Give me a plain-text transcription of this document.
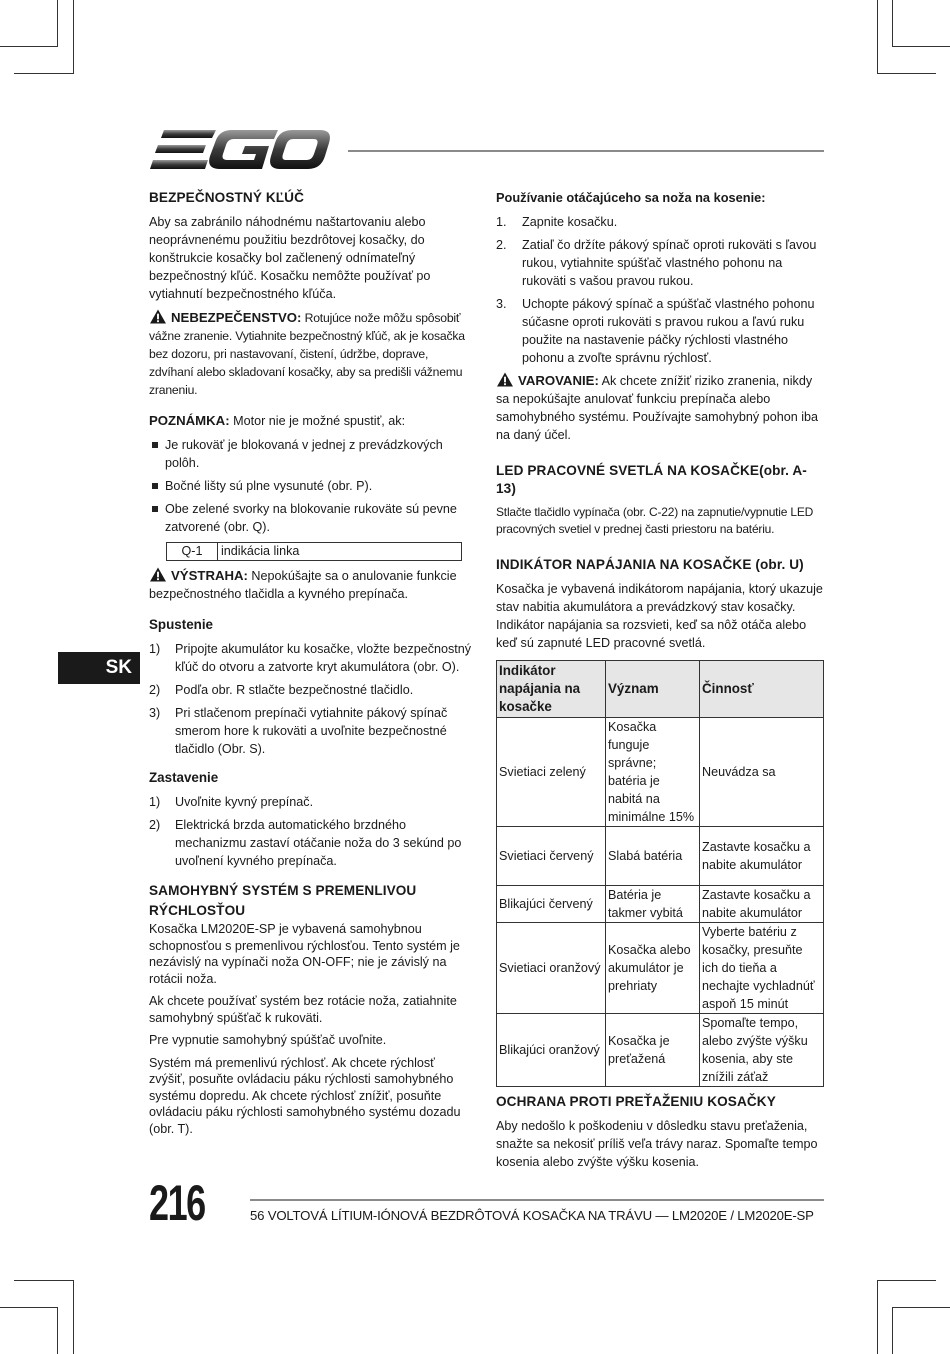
SK

BEZPEČNOSTNÝ KĽÚČ

Aby sa zabránilo náhodnému naštartovaniu alebo neoprávnenému použitiu bezdrôtovej kosačky, do konštrukcie kosačky bol začlenený odnímateľný bezpečnostný kľúč. Kosačku nemôžte používať po vytiahnutí bezpečnostného kľúča.

NEBEZPEČENSTVO: Rotujúce nože môžu spôsobiť vážne zranenie. Vytiahnite bezpečnostný kľúč, ak je kosačka bez dozoru, pri nastavovaní, čistení, údržbe, doprave, zdvíhaní alebo skladovaní kosačky, aby sa predišli vážnemu zraneniu.

POZNÁMKA: Motor nie je možné spustiť, ak:

Je rukoväť je blokovaná v jednej z prevádzkových polôh.
Bočné lišty sú plne vysunuté (obr. P).
Obe zelené svorky na blokovanie rukoväte sú pevne zatvorené (obr. Q).
Q-1	indikácia linka

VÝSTRAHA: Nepokúšajte sa o anulovanie funkcie bezpečnostného tlačidla a kyvného prepínača.

Spustenie

1) Pripojte akumulátor ku kosačke, vložte bezpečnostný kľúč do otvoru a zatvorte kryt akumulátora (obr. O).
2) Podľa obr. R stlačte bezpečnostné tlačidlo.
3) Pri stlačenom prepínači vytiahnite pákový spínač smerom hore k rukoväti a uvoľnite bezpečnostné tlačidlo (Obr. S).

Zastavenie

1) Uvoľnite kyvný prepínač.
2) Elektrická brzda automatického brzdného mechanizmu zastaví otáčanie noža do 3 sekúnd po uvoľnení kyvného prepínača.

SAMOHYBNÝ SYSTÉM S PREMENLIVOU RÝCHLOSŤOU

Kosačka LM2020E-SP je vybavená samohybnou schopnosťou s premenlivou rýchlosťou. Tento systém je nezávislý na vypínači noža ON-OFF; nie je závislý na rotácii noža.

Ak chcete používať systém bez rotácie noža, zatiahnite samohybný spúšťač k rukoväti.

Pre vypnutie samohybný spúšťač uvoľnite.

Systém má premenlivú rýchlosť. Ak chcete rýchlosť zvýšiť, posuňte ovládaciu páku rýchlosti samohybného systému dopredu. Ak chcete rýchlosť znížiť, posuňte ovládaciu páku rýchlosti samohybného systému dozadu (obr. T).

Používanie otáčajúceho sa noža na kosenie:

1. Zapnite kosačku.
2. Zatiaľ čo držíte pákový spínač oproti rukoväti s ľavou rukou, vytiahnite spúšťač vlastného pohonu na rukoväti s vašou pravou rukou.
3. Uchopte pákový spínač a spúšťač vlastného pohonu súčasne oproti rukoväti s pravou rukou a ľavú ruku použite na nastavenie páčky rýchlosti vlastného pohonu a zvoľte správnu rýchlosť.

VAROVANIE: Ak chcete znížiť riziko zranenia, nikdy sa nepokúšajte anulovať funkciu prepínača alebo samohybného systému. Používajte samohybný pohon iba na daný účel.

LED PRACOVNÉ SVETLÁ NA KOSAČKE(obr. A-13)

Stlačte tlačidlo vypínača (obr. C-22) na zapnutie/vypnutie LED pracovných svetiel v prednej časti priestoru na batériu.

INDIKÁTOR NAPÁJANIA NA KOSAČKE (obr. U)

Kosačka je vybavená indikátorom napájania, ktorý ukazuje stav nabitia akumulátora a prevádzkový stav kosačky. Indikátor napájania sa rozsvieti, keď sa nôž otáča alebo keď sú zapnuté LED pracovné svetlá.

Indikátor napájania na kosačke	Význam	Činnosť
Svietiaci zelený	Kosačka funguje správne; batéria je nabitá na minimálne 15%	Neuvádza sa
Svietiaci červený	Slabá batéria	Zastavte kosačku a nabite akumulátor
Blikajúci červený	Batéria je takmer vybitá	Zastavte kosačku a nabite akumulátor
Svietiaci oranžový	Kosačka alebo akumulátor je prehriaty	Vyberte batériu z kosačky, presuňte ich do tieňa a nechajte vychladnúť aspoň 15 minút
Blikajúci oranžový	Kosačka je preťažená	Spomaľte tempo, alebo zvýšte výšku kosenia, aby ste znížili záťaž

OCHRANA PROTI PREŤAŽENIU KOSAČKY

Aby nedošlo k poškodeniu v dôsledku stavu preťaženia, snažte sa nekosiť príliš veľa trávy naraz. Spomaľte tempo kosenia alebo zvýšte výšku kosenia.

216	56 VOLTOVÁ LÍTIUM-IÓNOVÁ BEZDRÔTOVÁ KOSAČKA NA TRÁVU — LM2020E / LM2020E-SP
